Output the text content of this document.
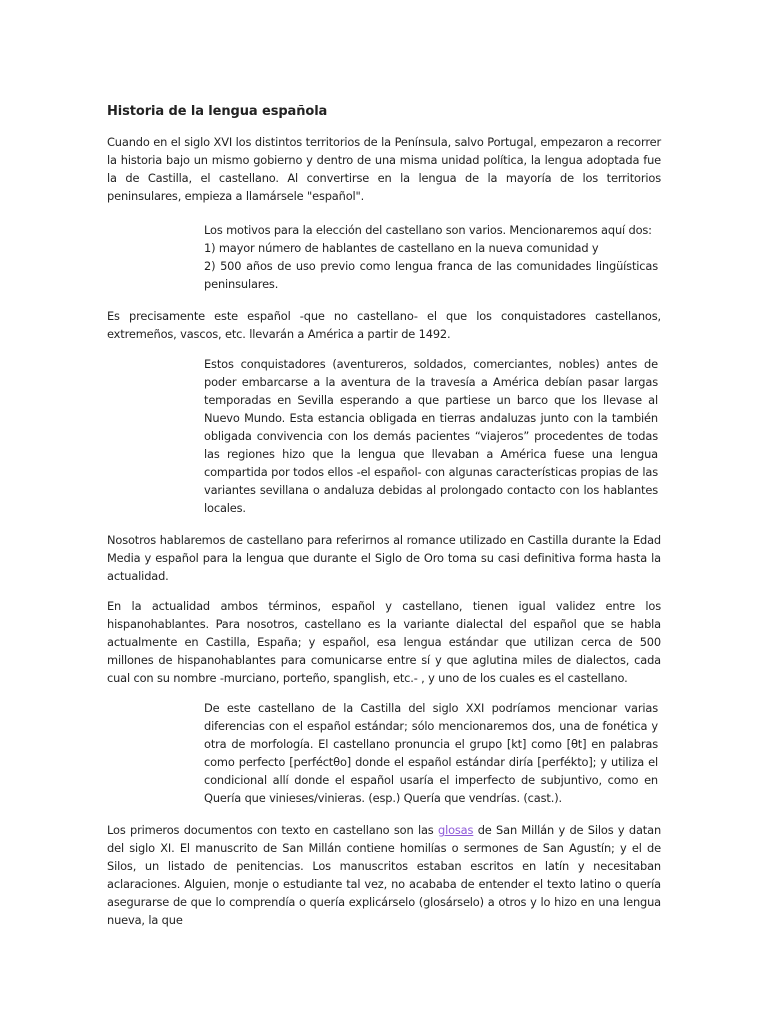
Historia de la lengua española

Cuando en el siglo XVI los distintos territorios de la Península, salvo Portugal, empezaron a recorrer la historia bajo un mismo gobierno y dentro de una misma unidad política, la lengua adoptada fue la de Castilla, el castellano. Al convertirse en la lengua de la mayoría de los territorios peninsulares, empieza a llamársele "español".

Los motivos para la elección del castellano son varios. Mencionaremos aquí dos:
1) mayor número de hablantes de castellano en la nueva comunidad y
2) 500 años de uso previo como lengua franca de las comunidades lingüísticas peninsulares.

Es precisamente este español -que no castellano- el que los conquistadores castellanos, extremeños, vascos, etc. llevarán a América a partir de 1492.

Estos conquistadores (aventureros, soldados, comerciantes, nobles) antes de poder embarcarse a la aventura de la travesía a América debían pasar largas temporadas en Sevilla esperando a que partiese un barco que los llevase al Nuevo Mundo. Esta estancia obligada en tierras andaluzas junto con la también obligada convivencia con los demás pacientes “viajeros” procedentes de todas las regiones hizo que la lengua que llevaban a América fuese una lengua compartida por todos ellos -el español- con algunas características propias de las variantes sevillana o andaluza debidas al prolongado contacto con los hablantes locales.

Nosotros hablaremos de castellano para referirnos al romance utilizado en Castilla durante la Edad Media y español para la lengua que durante el Siglo de Oro toma su casi definitiva forma hasta la actualidad.

En la actualidad ambos términos, español y castellano, tienen igual validez entre los hispanohablantes. Para nosotros, castellano es la variante dialectal del español que se habla actualmente en Castilla, España; y español, esa lengua estándar que utilizan cerca de 500 millones de hispanohablantes para comunicarse entre sí y que aglutina miles de dialectos, cada cual con su nombre -murciano, porteño, spanglish, etc.- , y uno de los cuales es el castellano.

De este castellano de la Castilla del siglo XXI podríamos mencionar varias diferencias con el español estándar; sólo mencionaremos dos, una de fonética y otra de morfología. El castellano pronuncia el grupo [kt] como [θt] en palabras como perfecto [perféctθo] donde el español estándar diría [perfékto]; y utiliza el condicional allí donde el español usaría el imperfecto de subjuntivo, como en Quería que vinieses/vinieras. (esp.) Quería que vendrías. (cast.).

Los primeros documentos con texto en castellano son las glosas de San Millán y de Silos y datan del siglo XI. El manuscrito de San Millán contiene homilías o sermones de San Agustín; y el de Silos, un listado de penitencias. Los manuscritos estaban escritos en latín y necesitaban aclaraciones. Alguien, monje o estudiante tal vez, no acababa de entender el texto latino o quería asegurarse de que lo comprendía o quería explicárselo (glosárselo) a otros y lo hizo en una lengua nueva, la que
